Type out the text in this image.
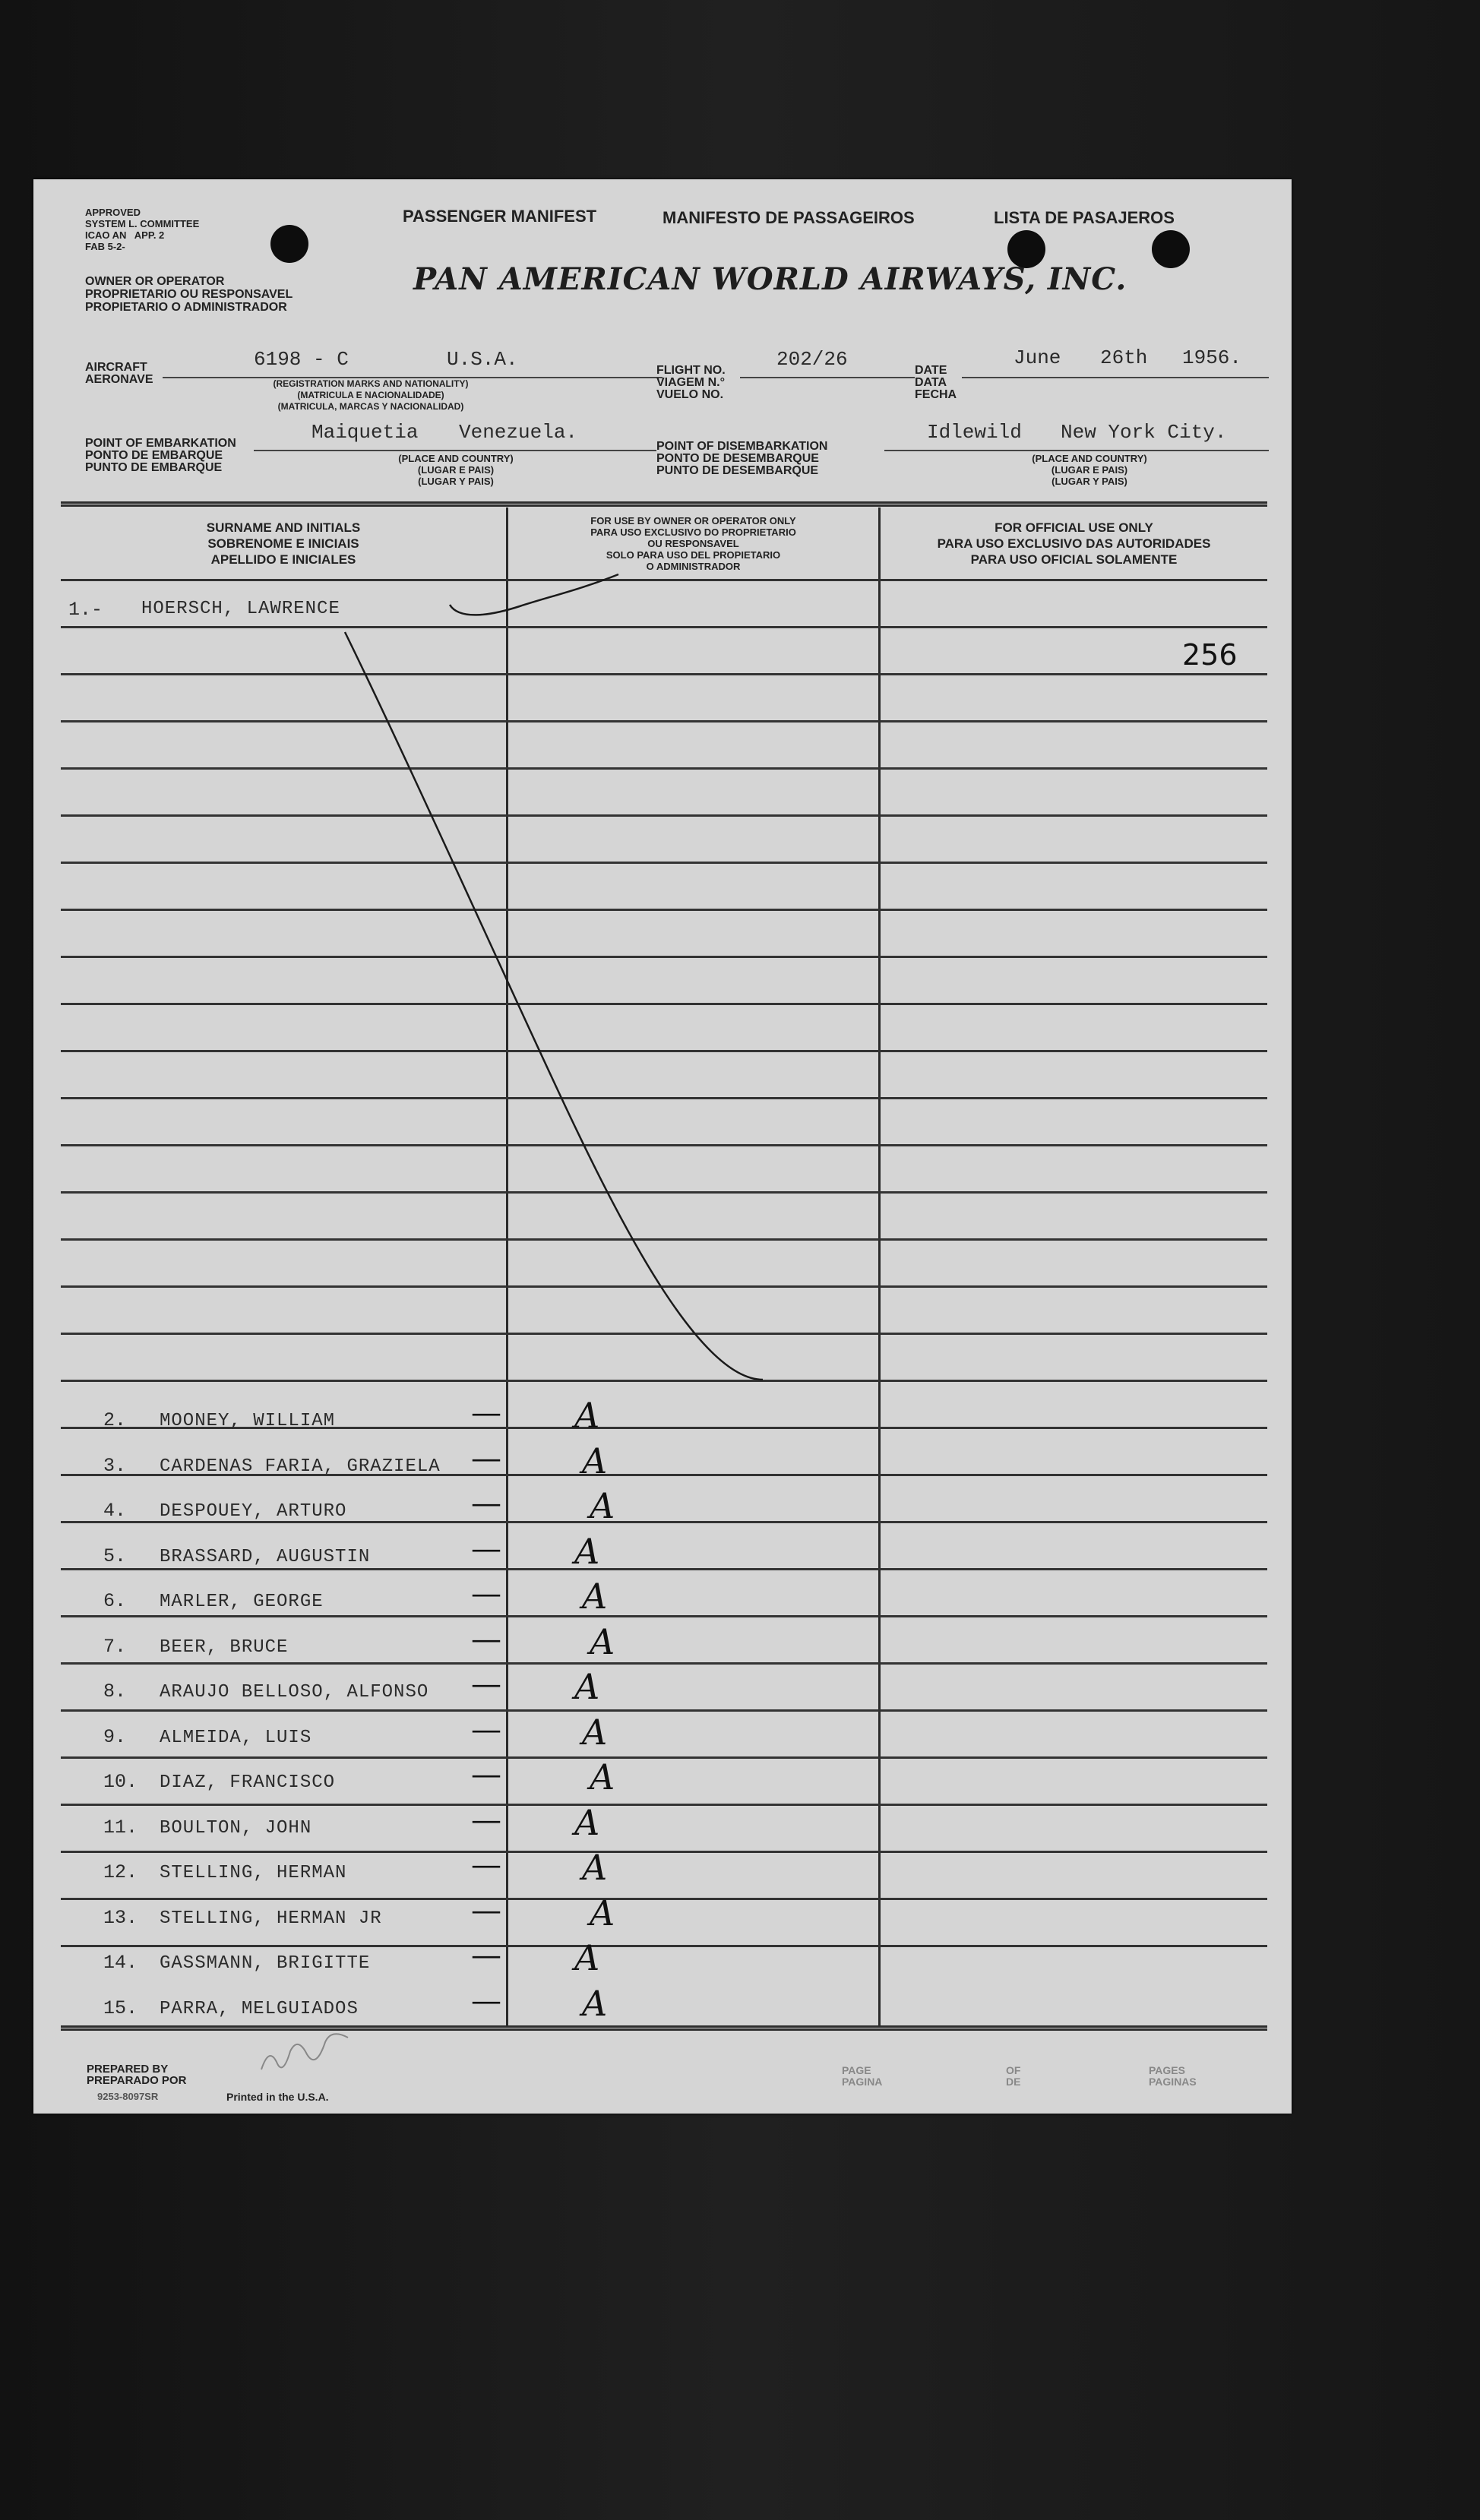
APPROVED
SYSTEM L. COMMITTEE
ICAO AN APP. 2
FAB 5-2-
OWNER OR OPERATOR
PROPRIETARIO OU RESPONSAVEL
PROPIETARIO O ADMINISTRADOR
PASSENGER MANIFEST	MANIFESTO DE PASSAGEIROS	LISTA DE PASAJEROS
PAN AMERICAN WORLD AIRWAYS, INC.
AIRCRAFT
AERONAVE
6198 - C	U.S.A.
(REGISTRATION MARKS AND NATIONALITY)
(MATRICULA E NACIONALIDADE)
(MATRICULA, MARCAS Y NACIONALIDAD)
FLIGHT NO.
VIAGEM N.°
VUELO NO.
202/26	DATE
DATA
FECHA
June 26th 1956.
POINT OF EMBARKATION
PONTO DE EMBARQUE
PUNTO DE EMBARQUE
Maiquetia Venezuela.
(PLACE AND COUNTRY)
(LUGAR E PAIS)
(LUGAR Y PAIS)
POINT OF DISEMBARKATION
PONTO DE DESEMBARQUE
PUNTO DE DESEMBARQUE
Idlewild New York City.
(PLACE AND COUNTRY)
(LUGAR E PAIS)
(LUGAR Y PAIS)
SURNAME AND INITIALS
SOBRENOME E INICIAIS
APELLIDO E INICIALES
FOR USE BY OWNER OR OPERATOR ONLY
PARA USO EXCLUSIVO DO PROPRIETARIO
OU RESPONSAVEL
SOLO PARA USO DEL PROPIETARIO
O ADMINISTRADOR
FOR OFFICIAL USE ONLY
PARA USO EXCLUSIVO DAS AUTORIDADES
PARA USO OFICIAL SOLAMENTE
1.- HOERSCH, LAWRENCE
256
2. MOONEY, WILLIAM	— A
3. CARDENAS FARIA, GRAZIELA — A
4. DESPOUEY, ARTURO	—	A
5. BRASSARD, AUGUSTIN	— A
6. MARLER, GEORGE	— A
7. BEER, BRUCE	—	A
8. ARAUJO BELLOSO, ALFONSO — A
9. ALMEIDA, LUIS	— A
10. DIAZ, FRANCISCO	—	A
11. BOULTON, JOHN	— A
12. STELLING, HERMAN	— A
13. STELLING, HERMAN JR	—	A
14. GASSMANN, BRIGITTE	— A
15. PARRA, MELGUIADOS	— A
PREPARED BY
PREPARADO POR
9253-8097SR	Printed in the U.S.A.
PAGE
PAGINA
OF
DE
PAGES
PAGINAS
